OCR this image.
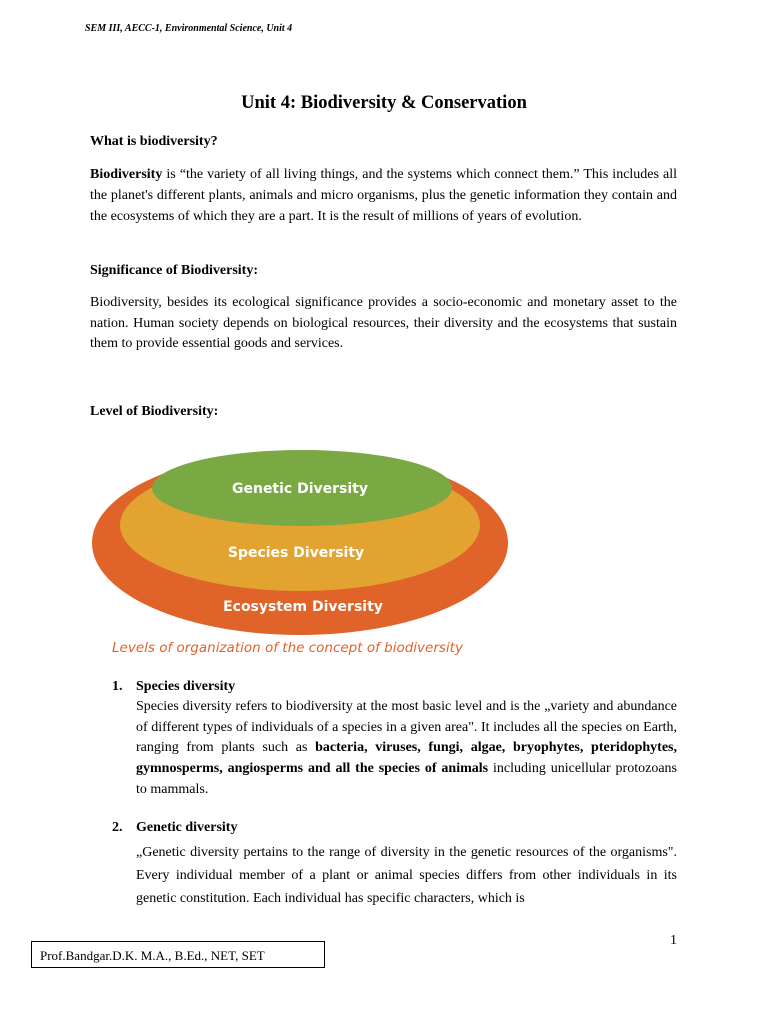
SEM III, AECC-1, Environmental Science, Unit 4
Unit 4: Biodiversity & Conservation
What is biodiversity?
Biodiversity is “the variety of all living things, and the systems which connect them.” This includes all the planet's different plants, animals and micro organisms, plus the genetic information they contain and the ecosystems of which they are a part. It is the result of millions of years of evolution.
Significance of Biodiversity:
Biodiversity, besides its ecological significance provides a socio-economic and monetary asset to the nation. Human society depends on biological resources, their diversity and the ecosystems that sustain them to provide essential goods and services.
Level of Biodiversity:
Genetic Diversity
Species Diversity
Ecosystem Diversity
Levels of organization of the concept of biodiversity
1. Species diversity
Species diversity refers to biodiversity at the most basic level and is the „variety and abundance of different types of individuals of a species in a given area". It includes all the species on Earth, ranging from plants such as bacteria, viruses, fungi, algae, bryophytes, pteridophytes, gymnosperms, angiosperms and all the species of animals including unicellular protozoans to mammals.
2. Genetic diversity
„Genetic diversity pertains to the range of diversity in the genetic resources of the organisms". Every individual member of a plant or animal species differs from other individuals in its genetic constitution. Each individual has specific characters, which is
1
Prof.Bandgar.D.K. M.A., B.Ed., NET, SET
